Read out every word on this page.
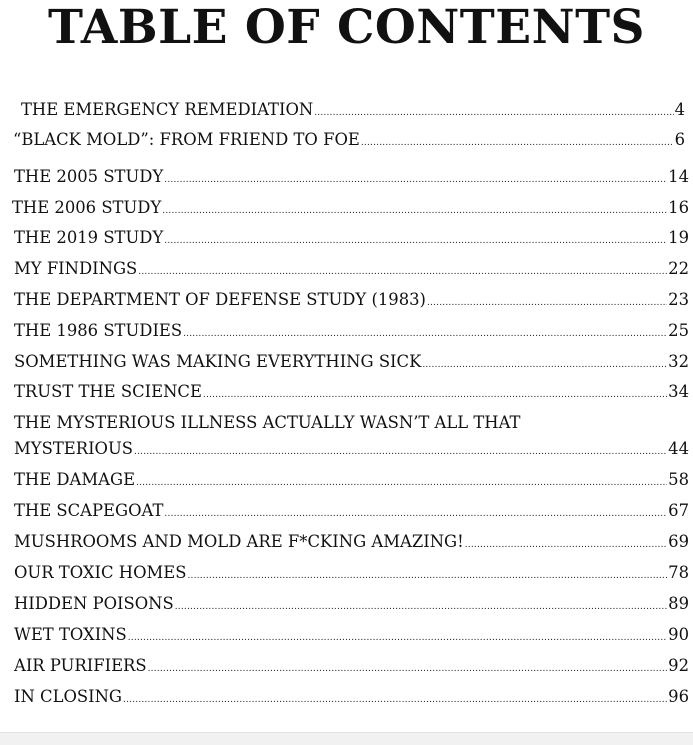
TABLE OF CONTENTS
THE EMERGENCY REMEDIATION .....	4
“BLACK MOLD”: FROM FRIEND TO FOE .....	6
THE 2005 STUDY .....	14
THE 2006 STUDY .....	16
THE 2019 STUDY .....	19
MY FINDINGS .....	22
THE DEPARTMENT OF DEFENSE STUDY (1983) .....	23
THE 1986 STUDIES .....	25
SOMETHING WAS MAKING EVERYTHING SICK .....	32
TRUST THE SCIENCE .....	34
THE MYSTERIOUS ILLNESS ACTUALLY WASN’T ALL THAT
MYSTERIOUS .....	44
THE DAMAGE .....	58
THE SCAPEGOAT .....	67
MUSHROOMS AND MOLD ARE F*CKING AMAZING! .....	69
OUR TOXIC HOMES .....	78
HIDDEN POISONS .....	89
WET TOXINS .....	90
AIR PURIFIERS .....	92
IN CLOSING .....	96
